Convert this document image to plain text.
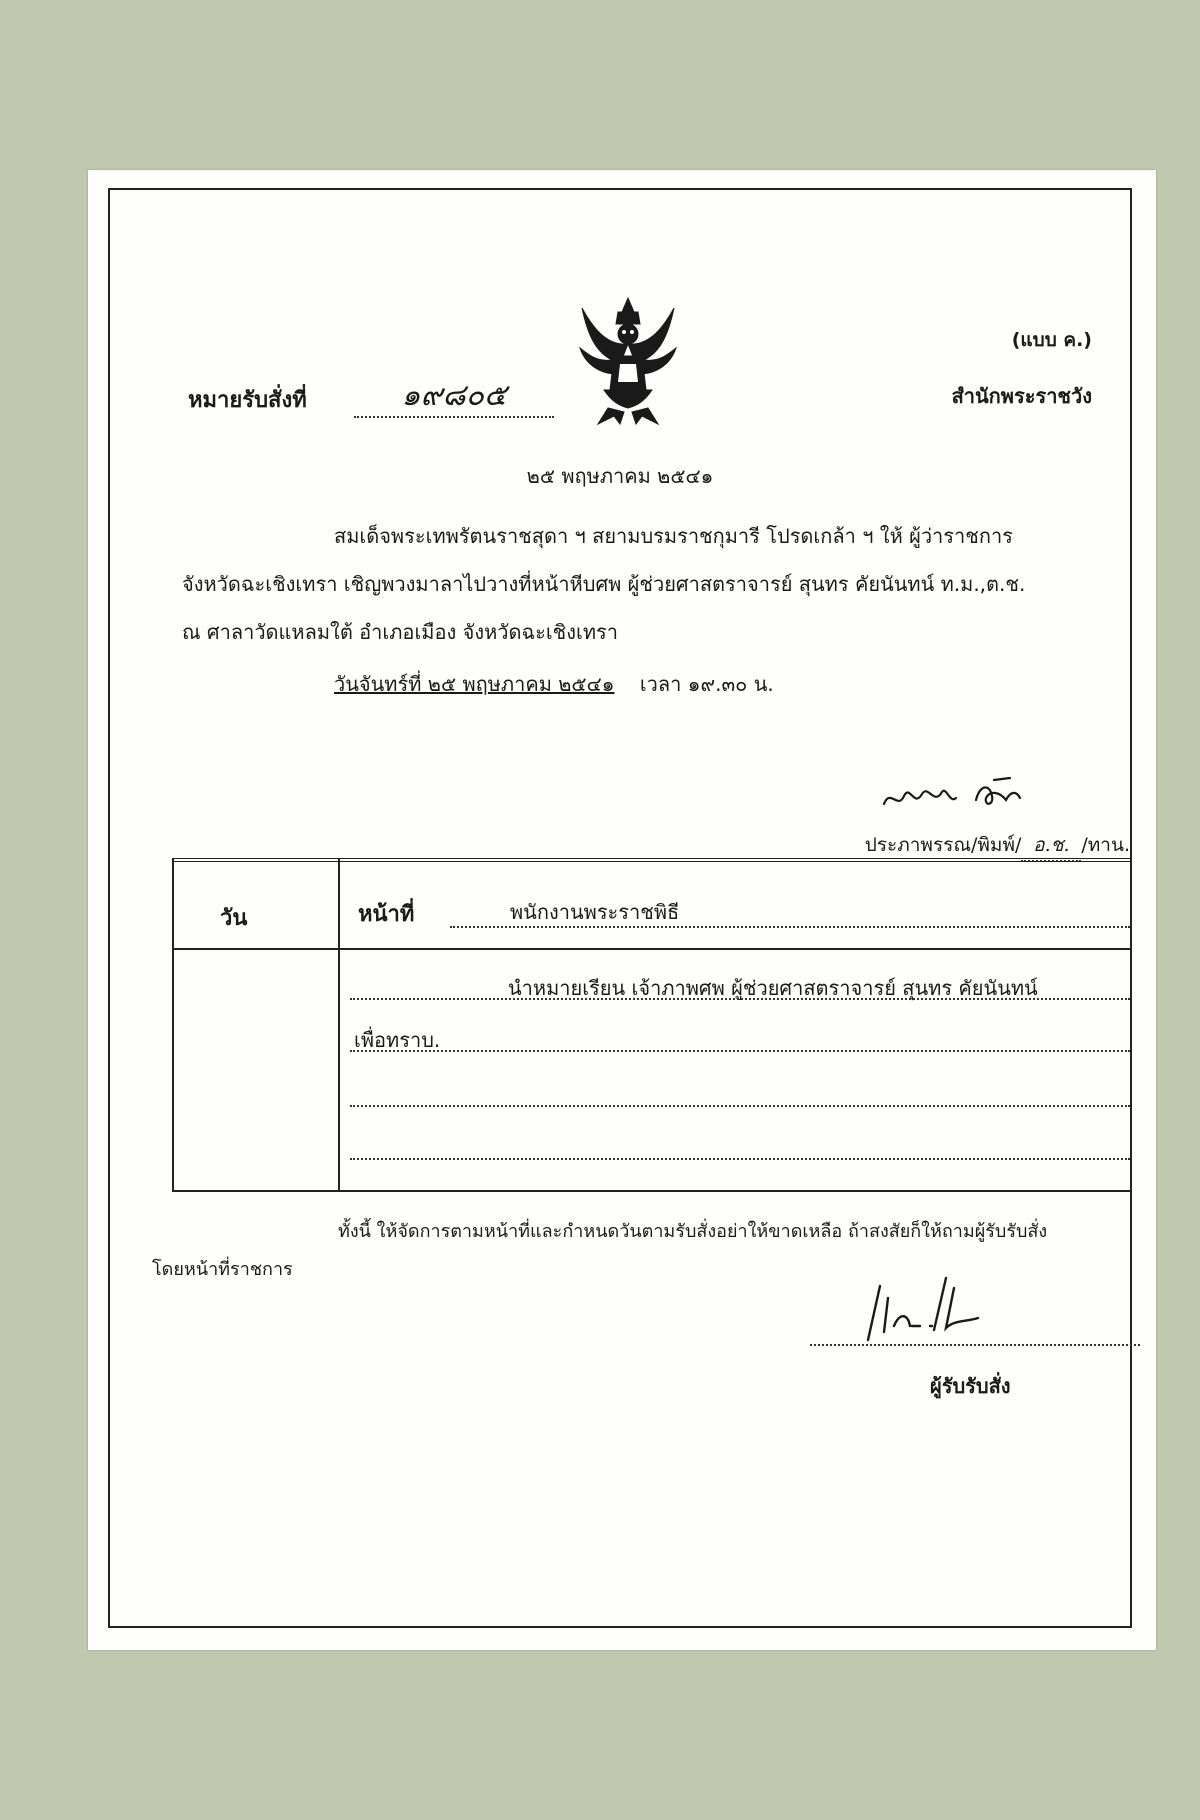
(แบบ ค.)
สำนักพระราชวัง
หมายรับสั่งที่	๑๙๘๐๕
๒๕ พฤษภาคม ๒๕๔๑
สมเด็จพระเทพรัตนราชสุดา ฯ สยามบรมราชกุมารี โปรดเกล้า ฯ ให้ ผู้ว่าราชการ
จังหวัดฉะเชิงเทรา เชิญพวงมาลาไปวางที่หน้าหีบศพ ผู้ช่วยศาสตราจารย์ สุนทร คัยนันทน์ ท.ม.,ต.ช.
ณ ศาลาวัดแหลมใต้ อำเภอเมือง จังหวัดฉะเชิงเทรา
วันจันทร์ที่ ๒๕ พฤษภาคม ๒๕๔๑ เวลา ๑๙.๓๐ น.
ประภาพรรณ/พิมพ์/ อ.ช. /ทาน.
วัน	หน้าที่	พนักงานพระราชพิธี
นำหมายเรียน เจ้าภาพศพ ผู้ช่วยศาสตราจารย์ สุนทร คัยนันทน์
เพื่อทราบ.
ทั้งนี้ ให้จัดการตามหน้าที่และกำหนดวันตามรับสั่งอย่าให้ขาดเหลือ ถ้าสงสัยก็ให้ถามผู้รับรับสั่ง
โดยหน้าที่ราชการ
ผู้รับรับสั่ง
